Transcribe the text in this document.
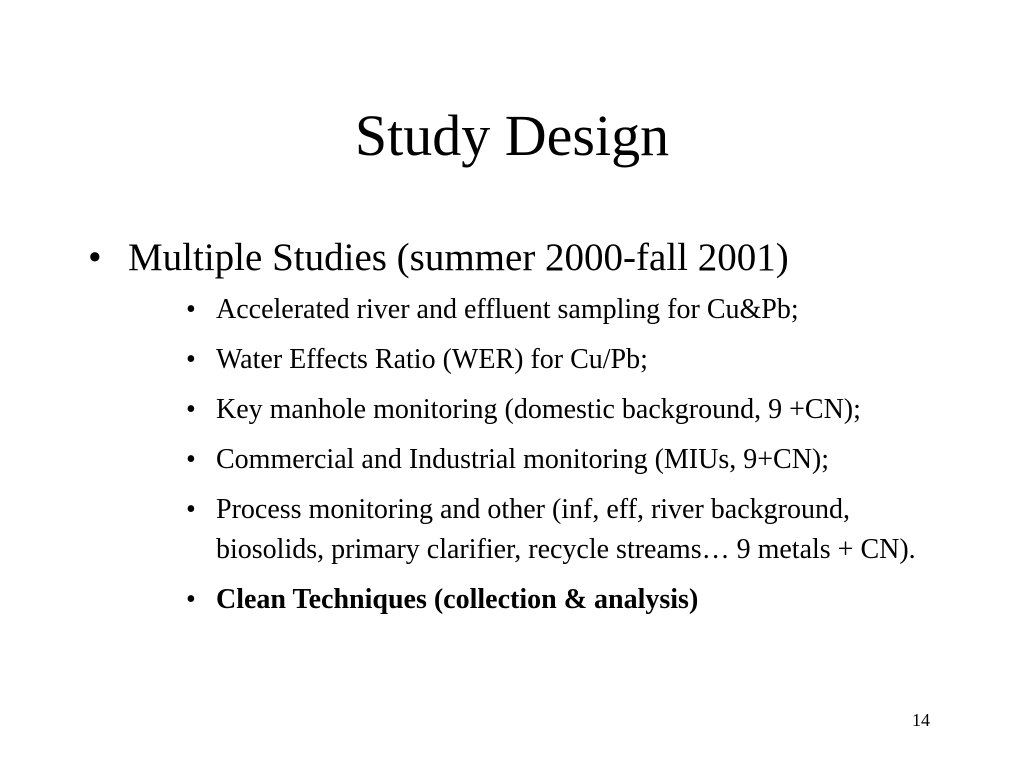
Study Design
• Multiple Studies (summer 2000-fall 2001)
• Accelerated river and effluent sampling for Cu&Pb;
• Water Effects Ratio (WER) for Cu/Pb;
• Key manhole monitoring (domestic background, 9 +CN);
• Commercial and Industrial monitoring (MIUs, 9+CN);
• Process monitoring and other (inf, eff, river background, biosolids, primary clarifier, recycle streams… 9 metals + CN).
• Clean Techniques (collection & analysis)
14
